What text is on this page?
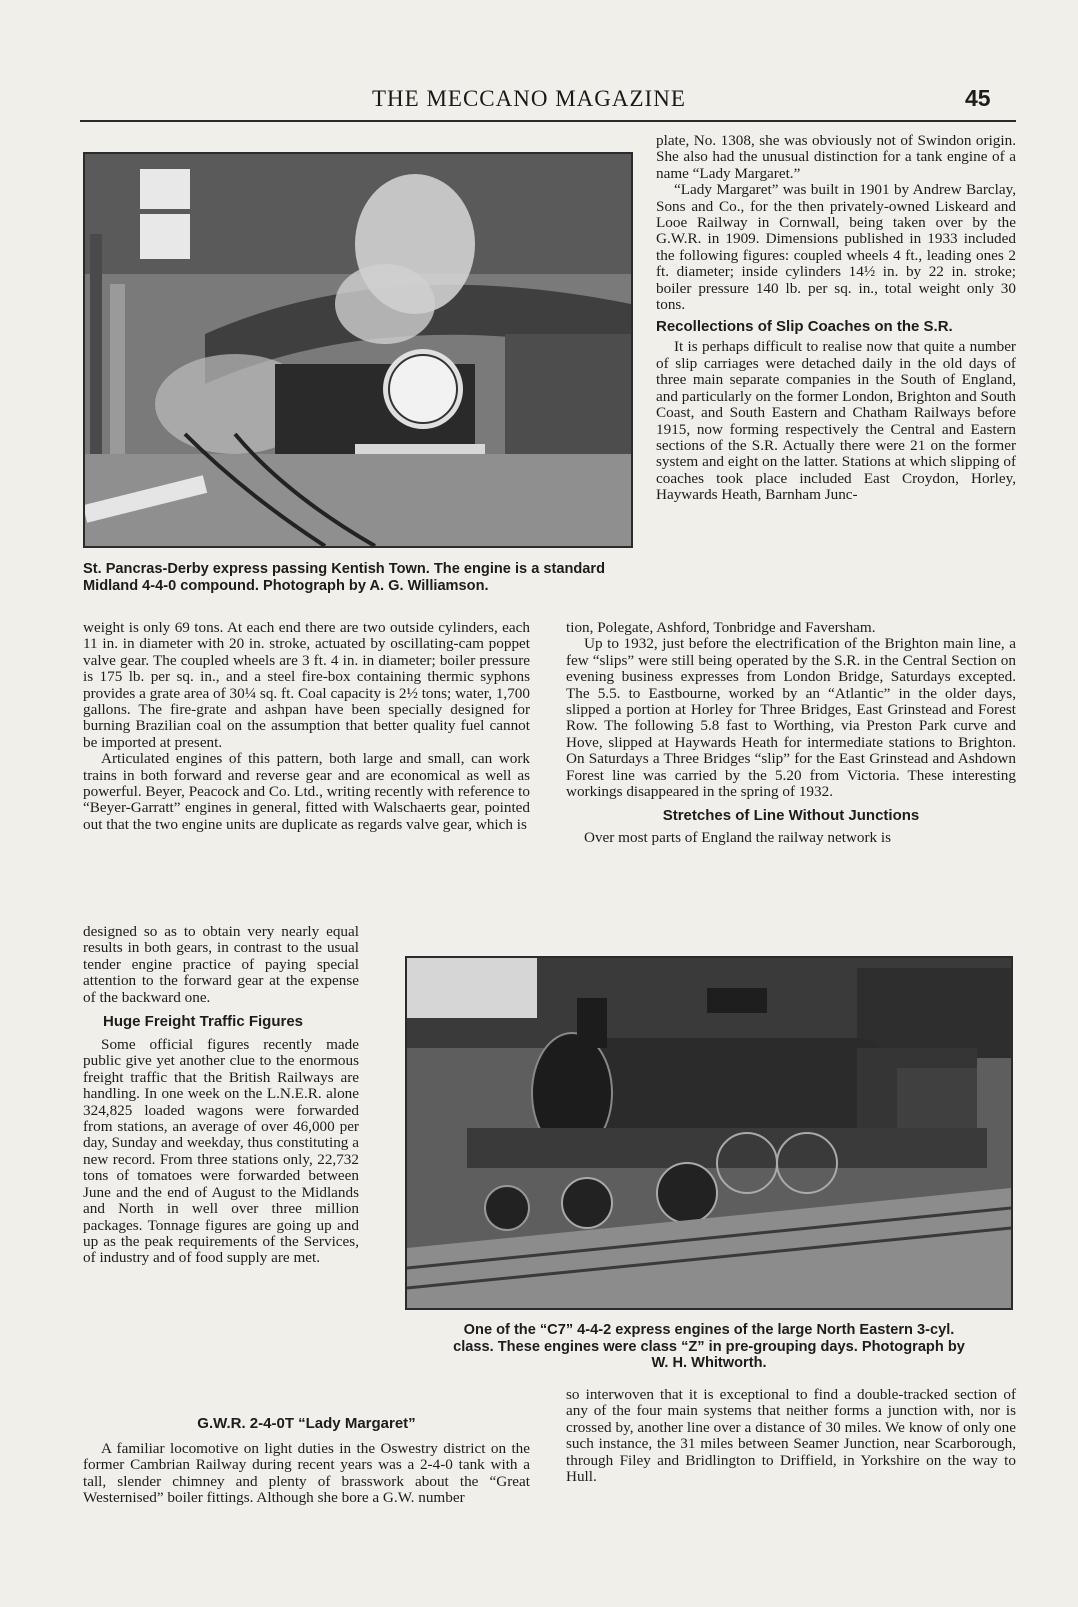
THE MECCANO MAGAZINE	45

St. Pancras-Derby express passing Kentish Town. The engine is a standard Midland 4-4-0 compound. Photograph by A. G. Williamson.

plate, No. 1308, she was obviously not of Swindon origin. She also had the unusual distinction for a tank engine of a name “Lady Margaret.”

“Lady Margaret” was built in 1901 by Andrew Barclay, Sons and Co., for the then privately-owned Liskeard and Looe Railway in Cornwall, being taken over by the G.W.R. in 1909. Dimensions published in 1933 included the following figures: coupled wheels 4 ft., leading ones 2 ft. diameter; inside cylinders 14½ in. by 22 in. stroke; boiler pressure 140 lb. per sq. in., total weight only 30 tons.

Recollections of Slip Coaches on the S.R.

It is perhaps difficult to realise now that quite a number of slip carriages were detached daily in the old days of three main separate companies in the South of England, and particularly on the former London, Brighton and South Coast, and South Eastern and Chatham Railways before 1915, now forming respectively the Central and Eastern sections of the S.R. Actually there were 21 on the former system and eight on the latter. Stations at which slipping of coaches took place included East Croydon, Horley, Haywards Heath, Barnham Junc-

weight is only 69 tons. At each end there are two outside cylinders, each 11 in. in diameter with 20 in. stroke, actuated by oscillating-cam poppet valve gear. The coupled wheels are 3 ft. 4 in. in diameter; boiler pressure is 175 lb. per sq. in., and a steel fire-box containing thermic syphons provides a grate area of 30¼ sq. ft. Coal capacity is 2½ tons; water, 1,700 gallons. The fire-grate and ashpan have been specially designed for burning Brazilian coal on the assumption that better quality fuel cannot be imported at present.

Articulated engines of this pattern, both large and small, can work trains in both forward and reverse gear and are economical as well as powerful. Beyer, Peacock and Co. Ltd., writing recently with reference to “Beyer-Garratt” engines in general, fitted with Walschaerts gear, pointed out that the two engine units are duplicate as regards valve gear, which is

designed so as to obtain very nearly equal results in both gears, in contrast to the usual tender engine practice of paying special attention to the forward gear at the expense of the backward one.

Huge Freight Traffic Figures

Some official figures recently made public give yet another clue to the enormous freight traffic that the British Railways are handling. In one week on the L.N.E.R. alone 324,825 loaded wagons were forwarded from stations, an average of over 46,000 per day, Sunday and weekday, thus constituting a new record. From three stations only, 22,732 tons of tomatoes were forwarded between June and the end of August to the Midlands and North in well over three million packages. Tonnage figures are going up and up as the peak requirements of the Services, of industry and of food supply are met.

G.W.R. 2-4-0T “Lady Margaret”

A familiar locomotive on light duties in the Oswestry district on the former Cambrian Railway during recent years was a 2-4-0 tank with a tall, slender chimney and plenty of brasswork about the “Great Westernised” boiler fittings. Although she bore a G.W. number

tion, Polegate, Ashford, Tonbridge and Faversham.

Up to 1932, just before the electrification of the Brighton main line, a few “slips” were still being operated by the S.R. in the Central Section on evening business expresses from London Bridge, Saturdays excepted. The 5.5. to Eastbourne, worked by an “Atlantic” in the older days, slipped a portion at Horley for Three Bridges, East Grinstead and Forest Row. The following 5.8 fast to Worthing, via Preston Park curve and Hove, slipped at Haywards Heath for intermediate stations to Brighton. On Saturdays a Three Bridges “slip” for the East Grinstead and Ashdown Forest line was carried by the 5.20 from Victoria. These interesting workings disappeared in the spring of 1932.

Stretches of Line Without Junctions

Over most parts of England the railway network is

One of the “C7” 4-4-2 express engines of the large North Eastern 3-cyl.

class. These engines were class “Z” in pre-grouping days. Photograph by

W. H. Whitworth.

so interwoven that it is exceptional to find a double-tracked section of any of the four main systems that neither forms a junction with, nor is crossed by, another line over a distance of 30 miles. We know of only one such instance, the 31 miles between Seamer Junction, near Scarborough, through Filey and Bridlington to Driffield, in Yorkshire on the way to Hull.
